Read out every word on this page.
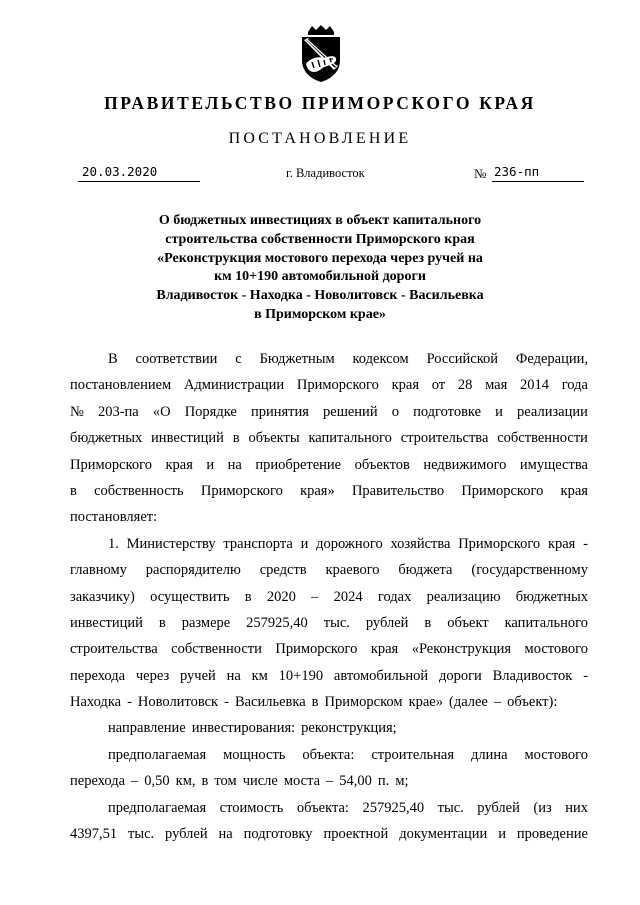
ПРАВИТЕЛЬСТВО ПРИМОРСКОГО КРАЯ
ПОСТАНОВЛЕНИЕ
20.03.2020	г. Владивосток	№ 236-пп
О бюджетных инвестициях в объект капитального
строительства собственности Приморского края
«Реконструкция мостового перехода через ручей на
км 10+190 автомобильной дороги
Владивосток - Находка - Новолитовск - Васильевка
в Приморском крае»
В соответствии с Бюджетным кодексом Российской Федерации,
постановлением Администрации Приморского края от 28 мая 2014 года
№ 203-па «О Порядке принятия решений о подготовке и реализации
бюджетных инвестиций в объекты капитального строительства собственности
Приморского края и на приобретение объектов недвижимого имущества
в собственность Приморского края» Правительство Приморского края
постановляет:
1. Министерству транспорта и дорожного хозяйства Приморского края -
главному распорядителю средств краевого бюджета (государственному
заказчику) осуществить в 2020 – 2024 годах реализацию бюджетных
инвестиций в размере 257925,40 тыс. рублей в объект капитального
строительства собственности Приморского края «Реконструкция мостового
перехода через ручей на км 10+190 автомобильной дороги Владивосток -
Находка - Новолитовск - Васильевка в Приморском крае» (далее – объект):
направление инвестирования: реконструкция;
предполагаемая мощность объекта: строительная длина мостового
перехода – 0,50 км, в том числе моста – 54,00 п. м;
предполагаемая стоимость объекта: 257925,40 тыс. рублей (из них
4397,51 тыс. рублей на подготовку проектной документации и проведение
